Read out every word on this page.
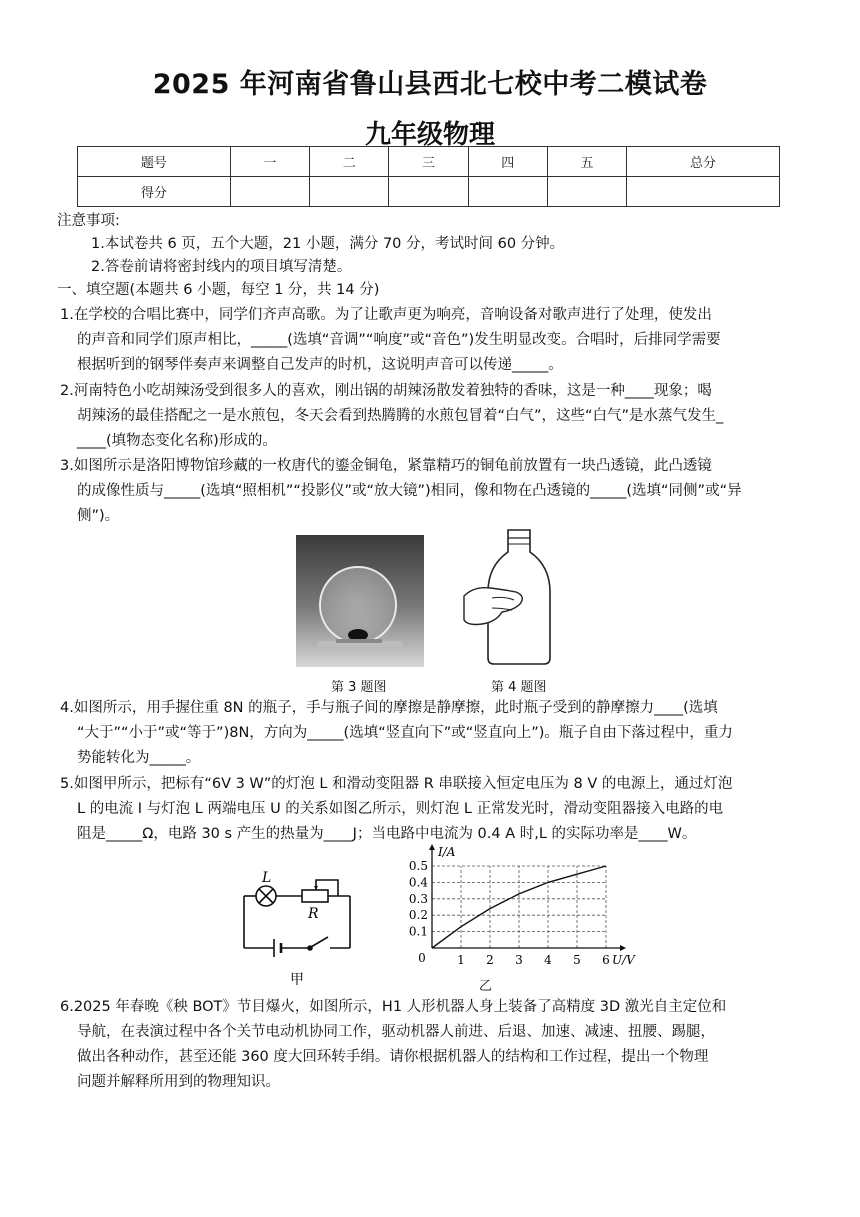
2025 年河南省鲁山县西北七校中考二模试卷
九年级物理
题号	一	二	三	四	五	总分
得分						
注意事项:
1.本试卷共 6 页，五个大题，21 小题，满分 70 分，考试时间 60 分钟。
2.答卷前请将密封线内的项目填写清楚。
一、填空题(本题共 6 小题，每空 1 分，共 14 分)
1.在学校的合唱比赛中，同学们齐声高歌。为了让歌声更为响亮，音响设备对歌声进行了处理，使发出
的声音和同学们原声相比，_____(选填“音调”“响度”或“音色”)发生明显改变。合唱时，后排同学需要
根据听到的钢琴伴奏声来调整自己发声的时机，这说明声音可以传递_____。
2.河南特色小吃胡辣汤受到很多人的喜欢，刚出锅的胡辣汤散发着独特的香味，这是一种____现象；喝
胡辣汤的最佳搭配之一是水煎包，冬天会看到热腾腾的水煎包冒着“白气”，这些“白气”是水蒸气发生_
____(填物态变化名称)形成的。
3.如图所示是洛阳博物馆珍藏的一枚唐代的鎏金铜龟，紧靠精巧的铜龟前放置有一块凸透镜，此凸透镜
的成像性质与_____(选填“照相机”“投影仪”或“放大镜”)相同，像和物在凸透镜的_____(选填“同侧”或“异
侧”)。
第 3 题图	第 4 题图
4.如图所示，用手握住重 8N 的瓶子，手与瓶子间的摩擦是静摩擦，此时瓶子受到的静摩擦力____(选填
“大于”“小于”或“等于”)8N，方向为_____(选填“竖直向下”或“竖直向上”)。瓶子自由下落过程中，重力
势能转化为_____。
5.如图甲所示，把标有“6V 3 W”的灯泡 L 和滑动变阻器 R 串联接入恒定电压为 8 V 的电源上，通过灯泡
L 的电流 I 与灯泡 L 两端电压 U 的关系如图乙所示，则灯泡 L 正常发光时，滑动变阻器接入电路的电
阻是_____Ω，电路 30 s 产生的热量为____J；当电路中电流为 0.4 A 时,L 的实际功率是____W。
L
R
甲
0.1
0.2
0.3
0.4
0.5
1 2 3 4 5 6
0
I/A
U/V
乙
6.2025 年春晚《秧 BOT》节目爆火，如图所示，H1 人形机器人身上装备了高精度 3D 激光自主定位和
导航，在表演过程中各个关节电动机协同工作，驱动机器人前进、后退、加速、减速、扭腰、踢腿，
做出各种动作，甚至还能 360 度大回环转手绢。请你根据机器人的结构和工作过程，提出一个物理
问题并解释所用到的物理知识。
